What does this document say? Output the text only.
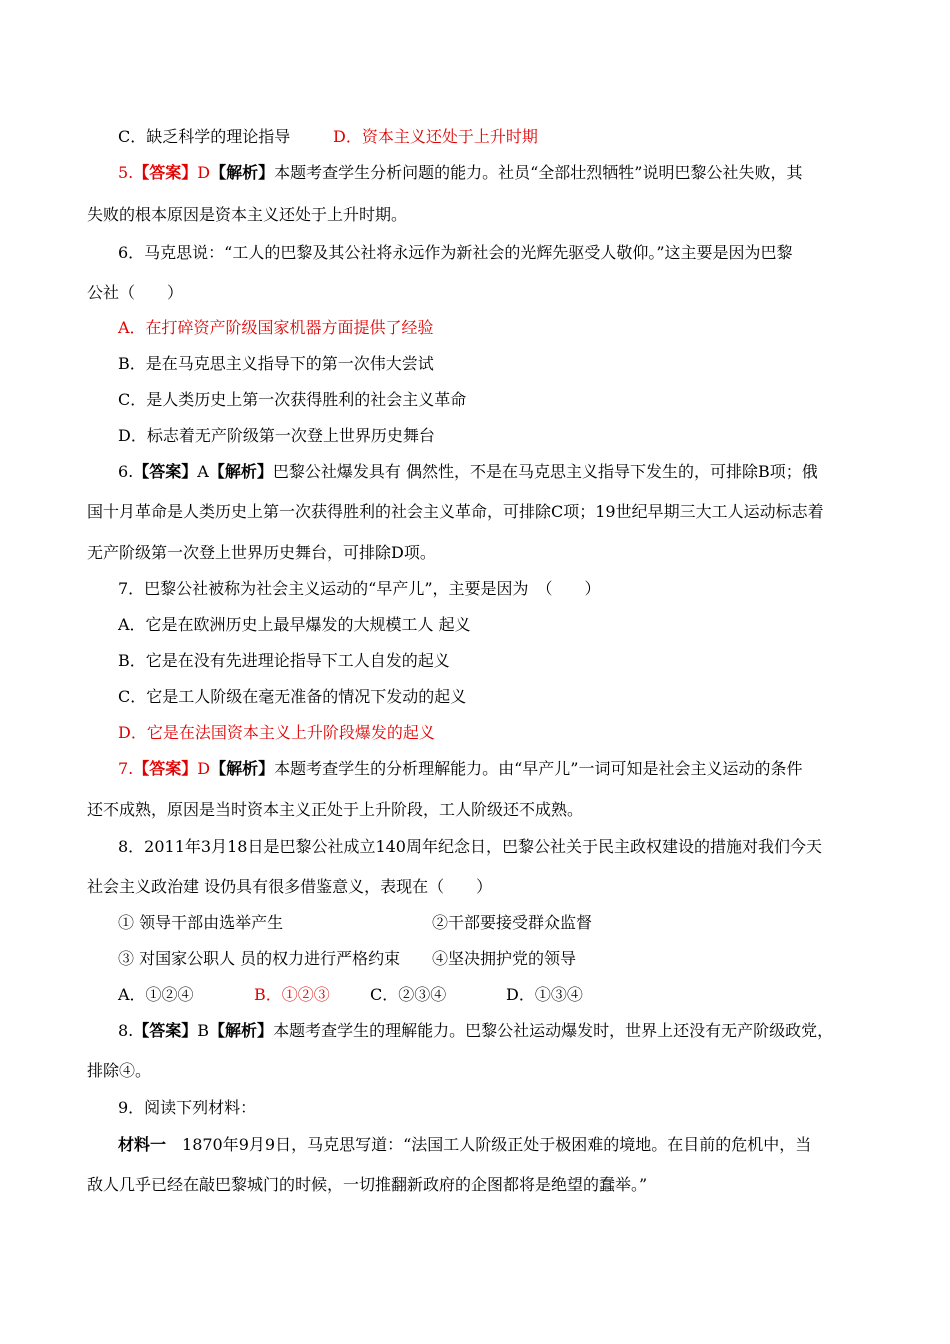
C．缺乏科学的理论指导	D．资本主义还处于上升时期
5.【答案】D【解析】本题考查学生分析问题的能力。社员“全部壮烈牺牲”说明巴黎公社失败，其
失败的根本原因是资本主义还处于上升时期。
6．马克思说：“工人的巴黎及其公社将永远作为新社会的光辉先驱受人敬仰。”这主要是因为巴黎
公社（　　）
A．在打碎资产阶级国家机器方面提供了经验
B．是在马克思主义指导下的第一次伟大尝试
C．是人类历史上第一次获得胜利的社会主义革命
D．标志着无产阶级第一次登上世界历史舞台
6.【答案】A【解析】巴黎公社爆发具有 偶然性，不是在马克思主义指导下发生的，可排除B项；俄
国十月革命是人类历史上第一次获得胜利的社会主义革命，可排除C项；19世纪早期三大工人运动标志着
无产阶级第一次登上世界历史舞台，可排除D项。
7．巴黎公社被称为社会主义运动的“早产儿”，主要是因为　（　　）
A．它是在欧洲历史上最早爆发的大规模工人 起义
B．它是在没有先进理论指导下工人自发的起义
C．它是工人阶级在毫无准备的情况下发动的起义
D．它是在法国资本主义上升阶段爆发的起义
7.【答案】D【解析】本题考查学生的分析理解能力。由“早产儿”一词可知是社会主义运动的条件
还不成熟，原因是当时资本主义正处于上升阶段，工人阶级还不成熟。
8．2011年3月18日是巴黎公社成立140周年纪念日，巴黎公社关于民主政权建设的措施对我们今天
社会主义政治建 设仍具有很多借鉴意义，表现在（　　）
① 领导干部由选举产生	②干部要接受群众监督
③ 对国家公职人 员的权力进行严格约束 ④坚决拥护党的领导
A．①②④	B．①②③	C．②③④	D．①③④
8.【答案】B【解析】本题考查学生的理解能力。巴黎公社运动爆发时，世界上还没有无产阶级政党，
排除④。
9．阅读下列材料：
材料一　1870年9月9日，马克思写道：“法国工人阶级正处于极困难的境地。在目前的危机中，当
敌人几乎已经在敲巴黎城门的时候，一切推翻新政府的企图都将是绝望的蠢举。”
